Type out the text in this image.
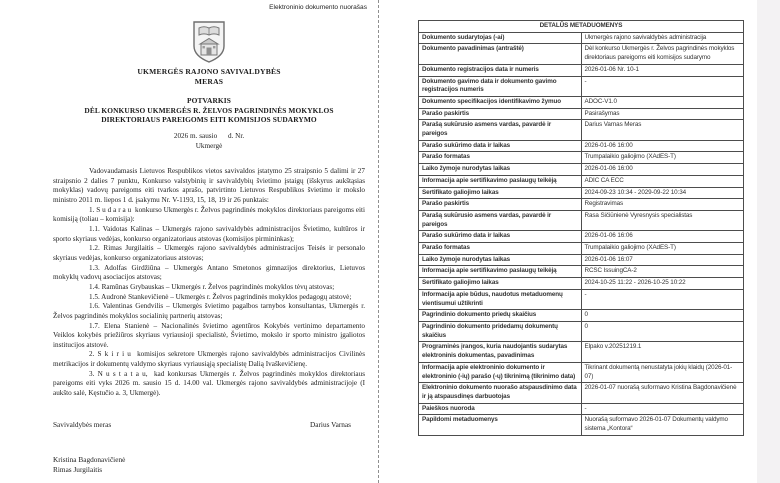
Elektroninio dokumento nuorašas
UKMERGĖS RAJONO SAVIVALDYBĖS
MERAS
POTVARKIS
DĖL KONKURSO UKMERGĖS R. ŽELVOS PAGRINDINĖS MOKYKLOS
DIREKTORIAUS PAREIGOMS EITI KOMISIJOS SUDARYMO
2026 m. sausio      d. Nr.
Ukmergė

Vadovaudamasis Lietuvos Respublikos vietos savivaldos įstatymo 25 straipsnio 5 dalimi ir 27 straipsnio 2 dalies 7 punktu, Konkurso valstybinių ir savivaldybių švietimo įstaigų (išskyrus aukštąsias mokyklas) vadovų pareigoms eiti tvarkos aprašo, patvirtinto Lietuvos Respublikos švietimo ir mokslo ministro 2011 m. liepos 1 d. įsakymu Nr. V-1193, 15, 18, 19 ir 26 punktais:

1. S u d a r a u  konkurso Ukmergės r. Želvos pagrindinės mokyklos direktoriaus pareigoms eiti komisiją (toliau – komisija):

1.1. Vaidotas Kalinas – Ukmergės rajono savivaldybės administracijos Švietimo, kultūros ir sporto skyriaus vedėjas, konkurso organizatoriaus atstovas (komisijos pirmininkas);

1.2. Rimas Jurgilaitis – Ukmergės rajono savivaldybės administracijos Teisės ir personalo skyriaus vedėjas, konkurso organizatoriaus atstovas;

1.3. Adolfas Girdžiūna – Ukmergės Antano Smetonos gimnazijos direktorius, Lietuvos mokyklų vadovų asociacijos atstovas;

1.4. Ramūnas Grybauskas – Ukmergės r. Želvos pagrindinės mokyklos tėvų atstovas;

1.5. Audronė Stankevičienė – Ukmergės r. Želvos pagrindinės mokyklos pedagogų atstovė;

1.6. Valentinas Gendvilis – Ukmergės švietimo pagalbos tarnybos konsultantas, Ukmergės r. Želvos pagrindinės mokyklos socialinių partnerių atstovas;

1.7. Elena Stanienė – Nacionalinės švietimo agentūros Kokybės vertinimo departamento Veiklos kokybės priežiūros skyriaus vyriausioji specialistė, Švietimo, mokslo ir sporto ministro įgaliotos institucijos atstovė.

2. S k i r i u  komisijos sekretore Ukmergės rajono savivaldybės administracijos Civilinės metrikacijos ir dokumentų valdymo skyriaus vyriausiąją specialistę Dalią Ivaškevičienę.

3. N u s t a t a u,  kad konkursas Ukmergės r. Želvos pagrindinės mokyklos direktoriaus pareigoms eiti vyks 2026 m. sausio 15 d. 14.00 val. Ukmergės rajono savivaldybės administracijoje (I aukšto salė, Kęstučio a. 3, Ukmergė).

Savivaldybės meras	Darius Varnas
Kristina Bagdonavičienė
Rimas Jurgilaitis
DETALŪS METADUOMENYS	
Dokumento sudarytojas (-ai)	Ukmergės rajono savivaldybės administracija
Dokumento pavadinimas (antraštė)	Dėl konkurso Ukmergės r. Želvos pagrindinės mokyklos direktoriaus pareigoms eiti komisijos sudarymo
Dokumento registracijos data ir numeris	2026-01-06 Nr. 10-1
Dokumento gavimo data ir dokumento gavimo registracijos numeris	-
Dokumento specifikacijos identifikavimo žymuo	ADOC-V1.0
Parašo paskirtis	Pasirašymas
Parašą sukūrusio asmens vardas, pavardė ir pareigos	Darius Varnas Meras
Parašo sukūrimo data ir laikas	2026-01-06 16:00
Parašo formatas	Trumpalaikio galiojimo (XAdES-T)
Laiko žymoje nurodytas laikas	2026-01-06 16:00
Informacija apie sertifikavimo paslaugų teikėją	ADIC CA ECC
Sertifikato galiojimo laikas	2024-09-23 10:34 - 2029-09-22 10:34
Parašo paskirtis	Registravimas
Parašą sukūrusio asmens vardas, pavardė ir pareigos	Rasa Sičiūnienė Vyresnysis specialistas
Parašo sukūrimo data ir laikas	2026-01-06 16:06
Parašo formatas	Trumpalaikio galiojimo (XAdES-T)
Laiko žymoje nurodytas laikas	2026-01-06 16:07
Informacija apie sertifikavimo paslaugų teikėją	RCSC IssuingCA-2
Sertifikato galiojimo laikas	2024-10-25 11:22 - 2026-10-25 10:22
Informacija apie būdus, naudotus metaduomenų vientisumui užtikrinti	-
Pagrindinio dokumento priedų skaičius	0
Pagrindinio dokumento pridedamų dokumentų skaičius	0
Programinės įrangos, kuria naudojantis sudarytas elektroninis dokumentas, pavadinimas	Elpako v.20251219.1
Informacija apie elektroninio dokumento ir elektroninio (-ių) parašo (-ų) tikrinimą (tikrinimo data)	Tikrinant dokumentą nenustatyta jokių klaidų (2026-01-07)
Elektroninio dokumento nuorašo atspausdinimo data ir ją atspausdinęs darbuotojas	2026-01-07 nuorašą suformavo Kristina Bagdonavičienė
Paieškos nuoroda	-
Papildomi metaduomenys	Nuorašą suformavo 2026-01-07 Dokumentų valdymo sistema „Kontora“
